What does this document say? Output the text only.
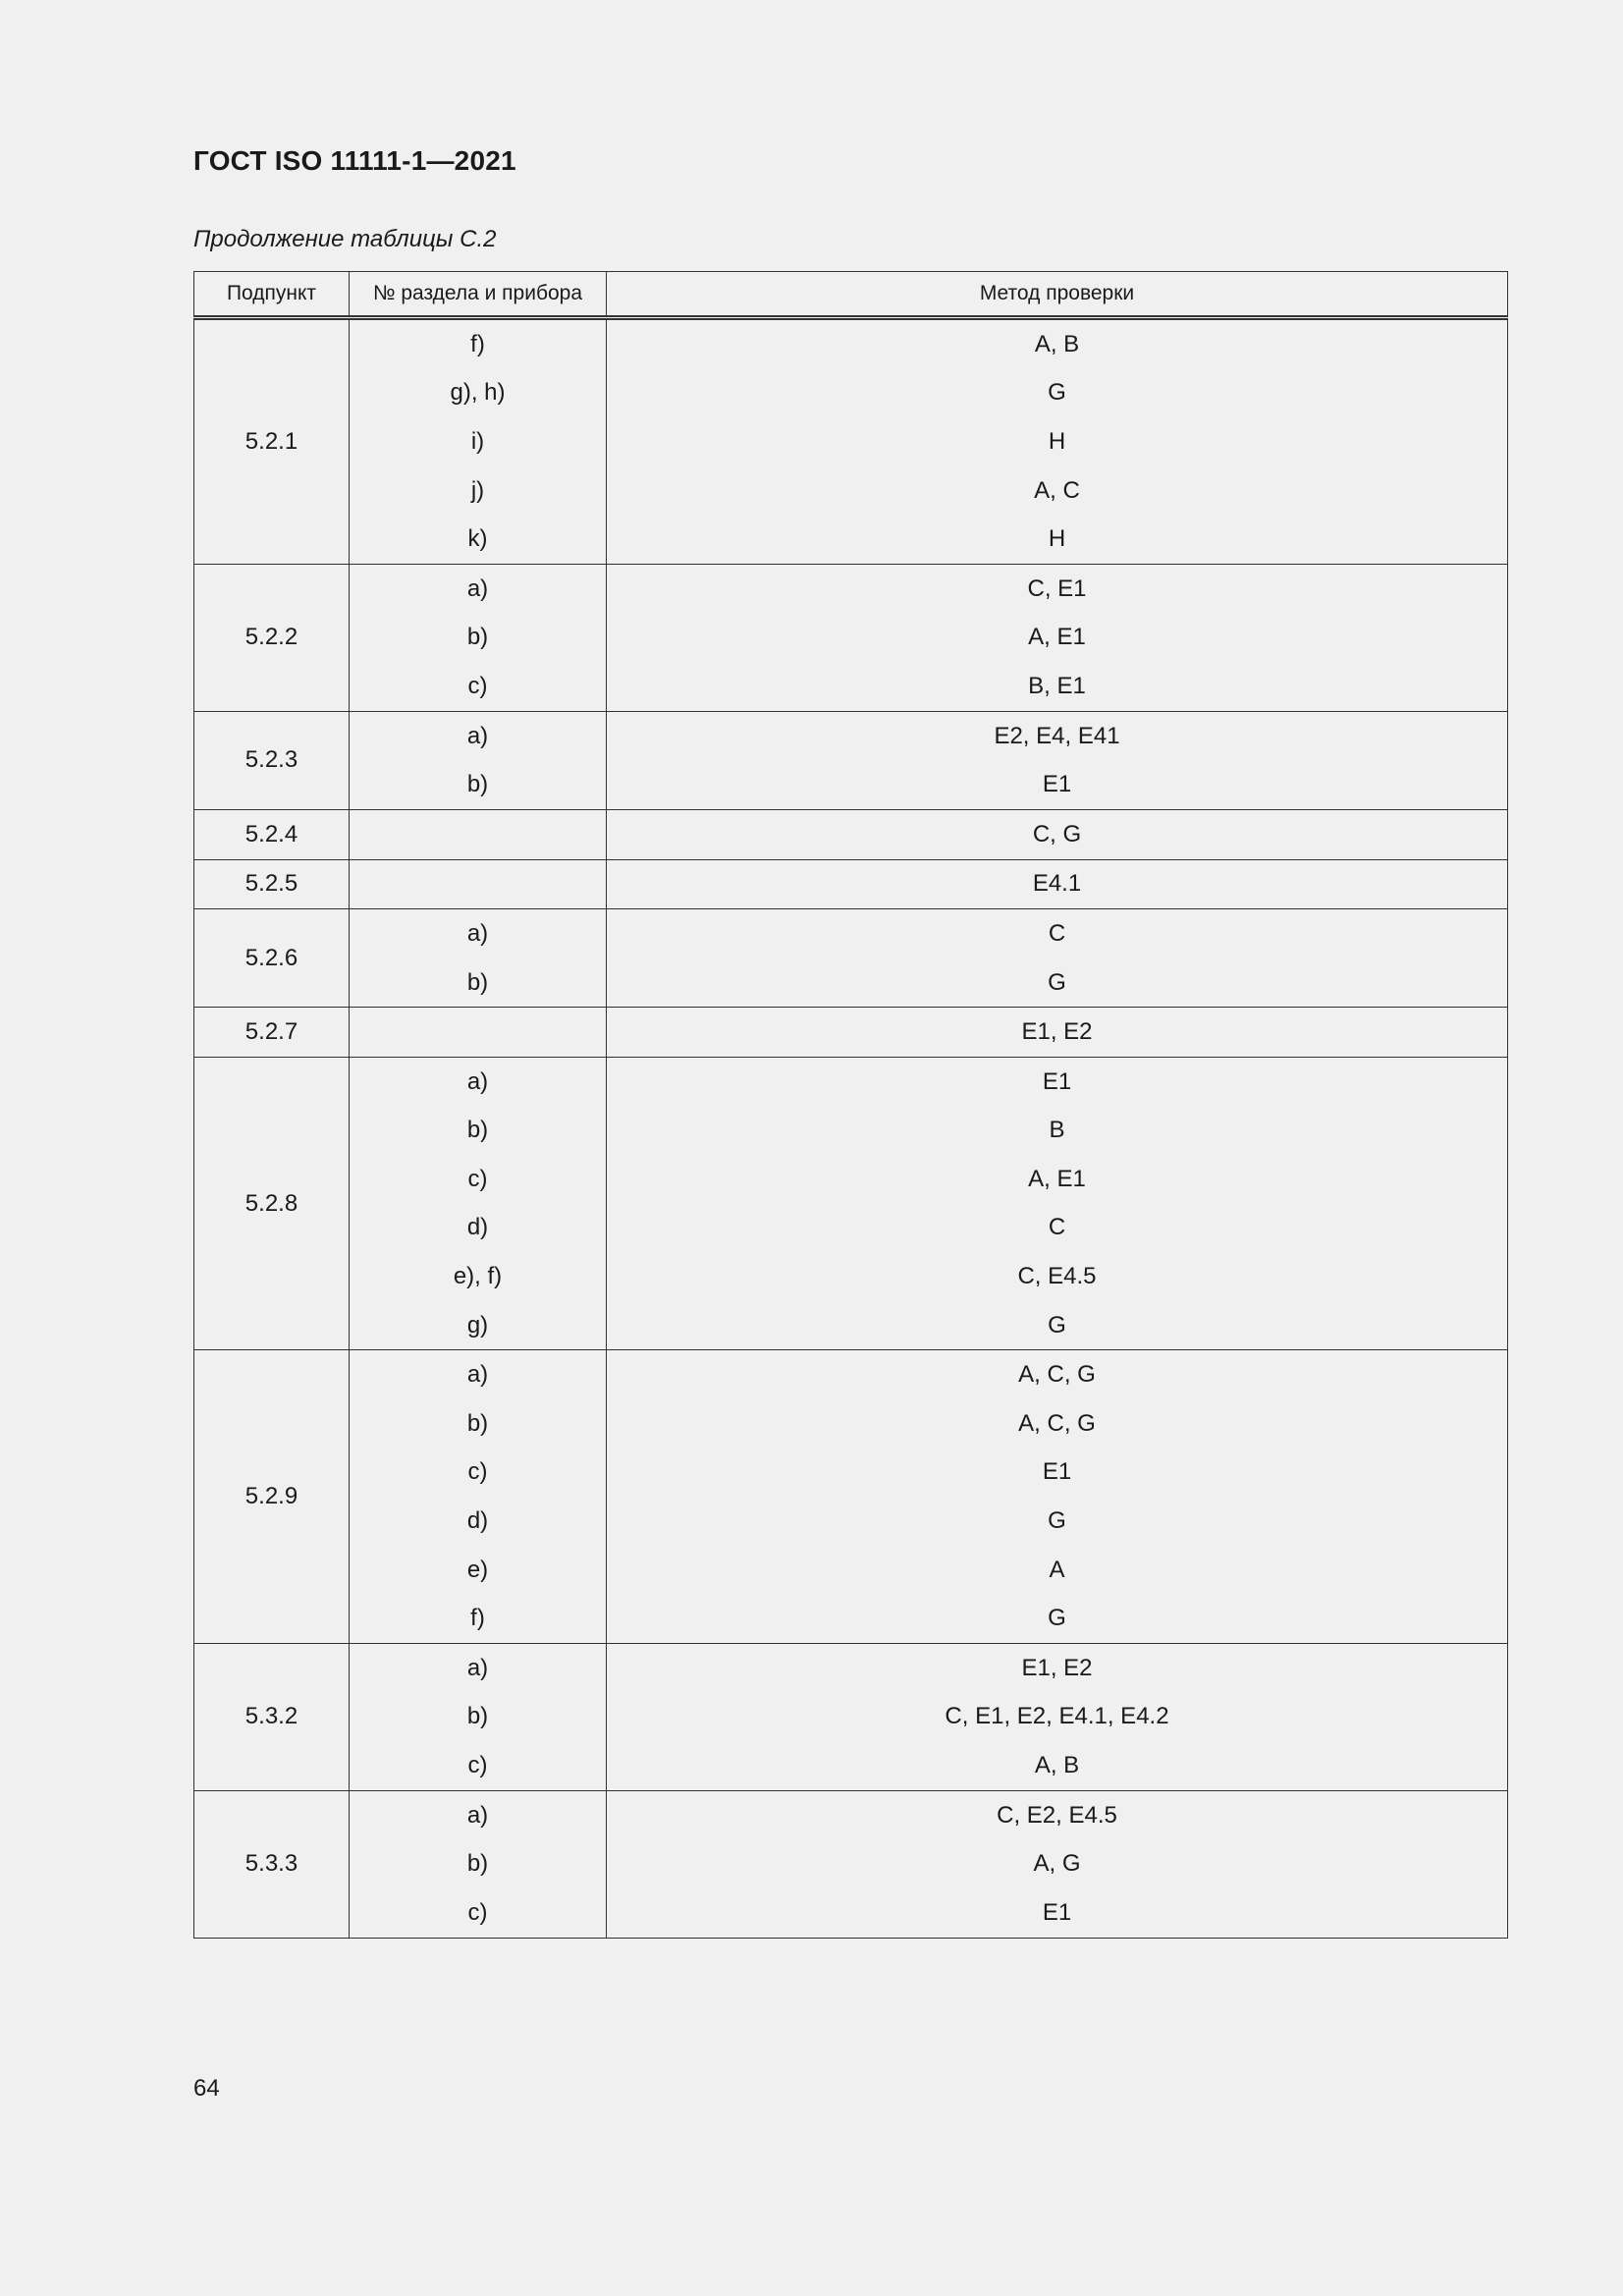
ГОСТ ISO 11111-1—2021
Продолжение таблицы С.2
Подпункт	№ раздела и прибора	Метод проверки
5.2.1	f)	A, B
	g), h)	G
	i)	H
	j)	A, C
	k)	H
5.2.2	a)	C, E1
	b)	A, E1
	c)	B, E1
5.2.3	a)	E2, E4, E41
	b)	E1
5.2.4		C, G
5.2.5		E4.1
5.2.6	a)	C
	b)	G
5.2.7		E1, E2
5.2.8	a)	E1
	b)	B
	c)	A, E1
	d)	C
	e), f)	C, E4.5
	g)	G
5.2.9	a)	A, C, G
	b)	A, C, G
	c)	E1
	d)	G
	e)	A
	f)	G
5.3.2	a)	E1, E2
	b)	C, E1, E2, E4.1, E4.2
	c)	A, B
5.3.3	a)	C, E2, E4.5
	b)	A, G
	c)	E1
64
